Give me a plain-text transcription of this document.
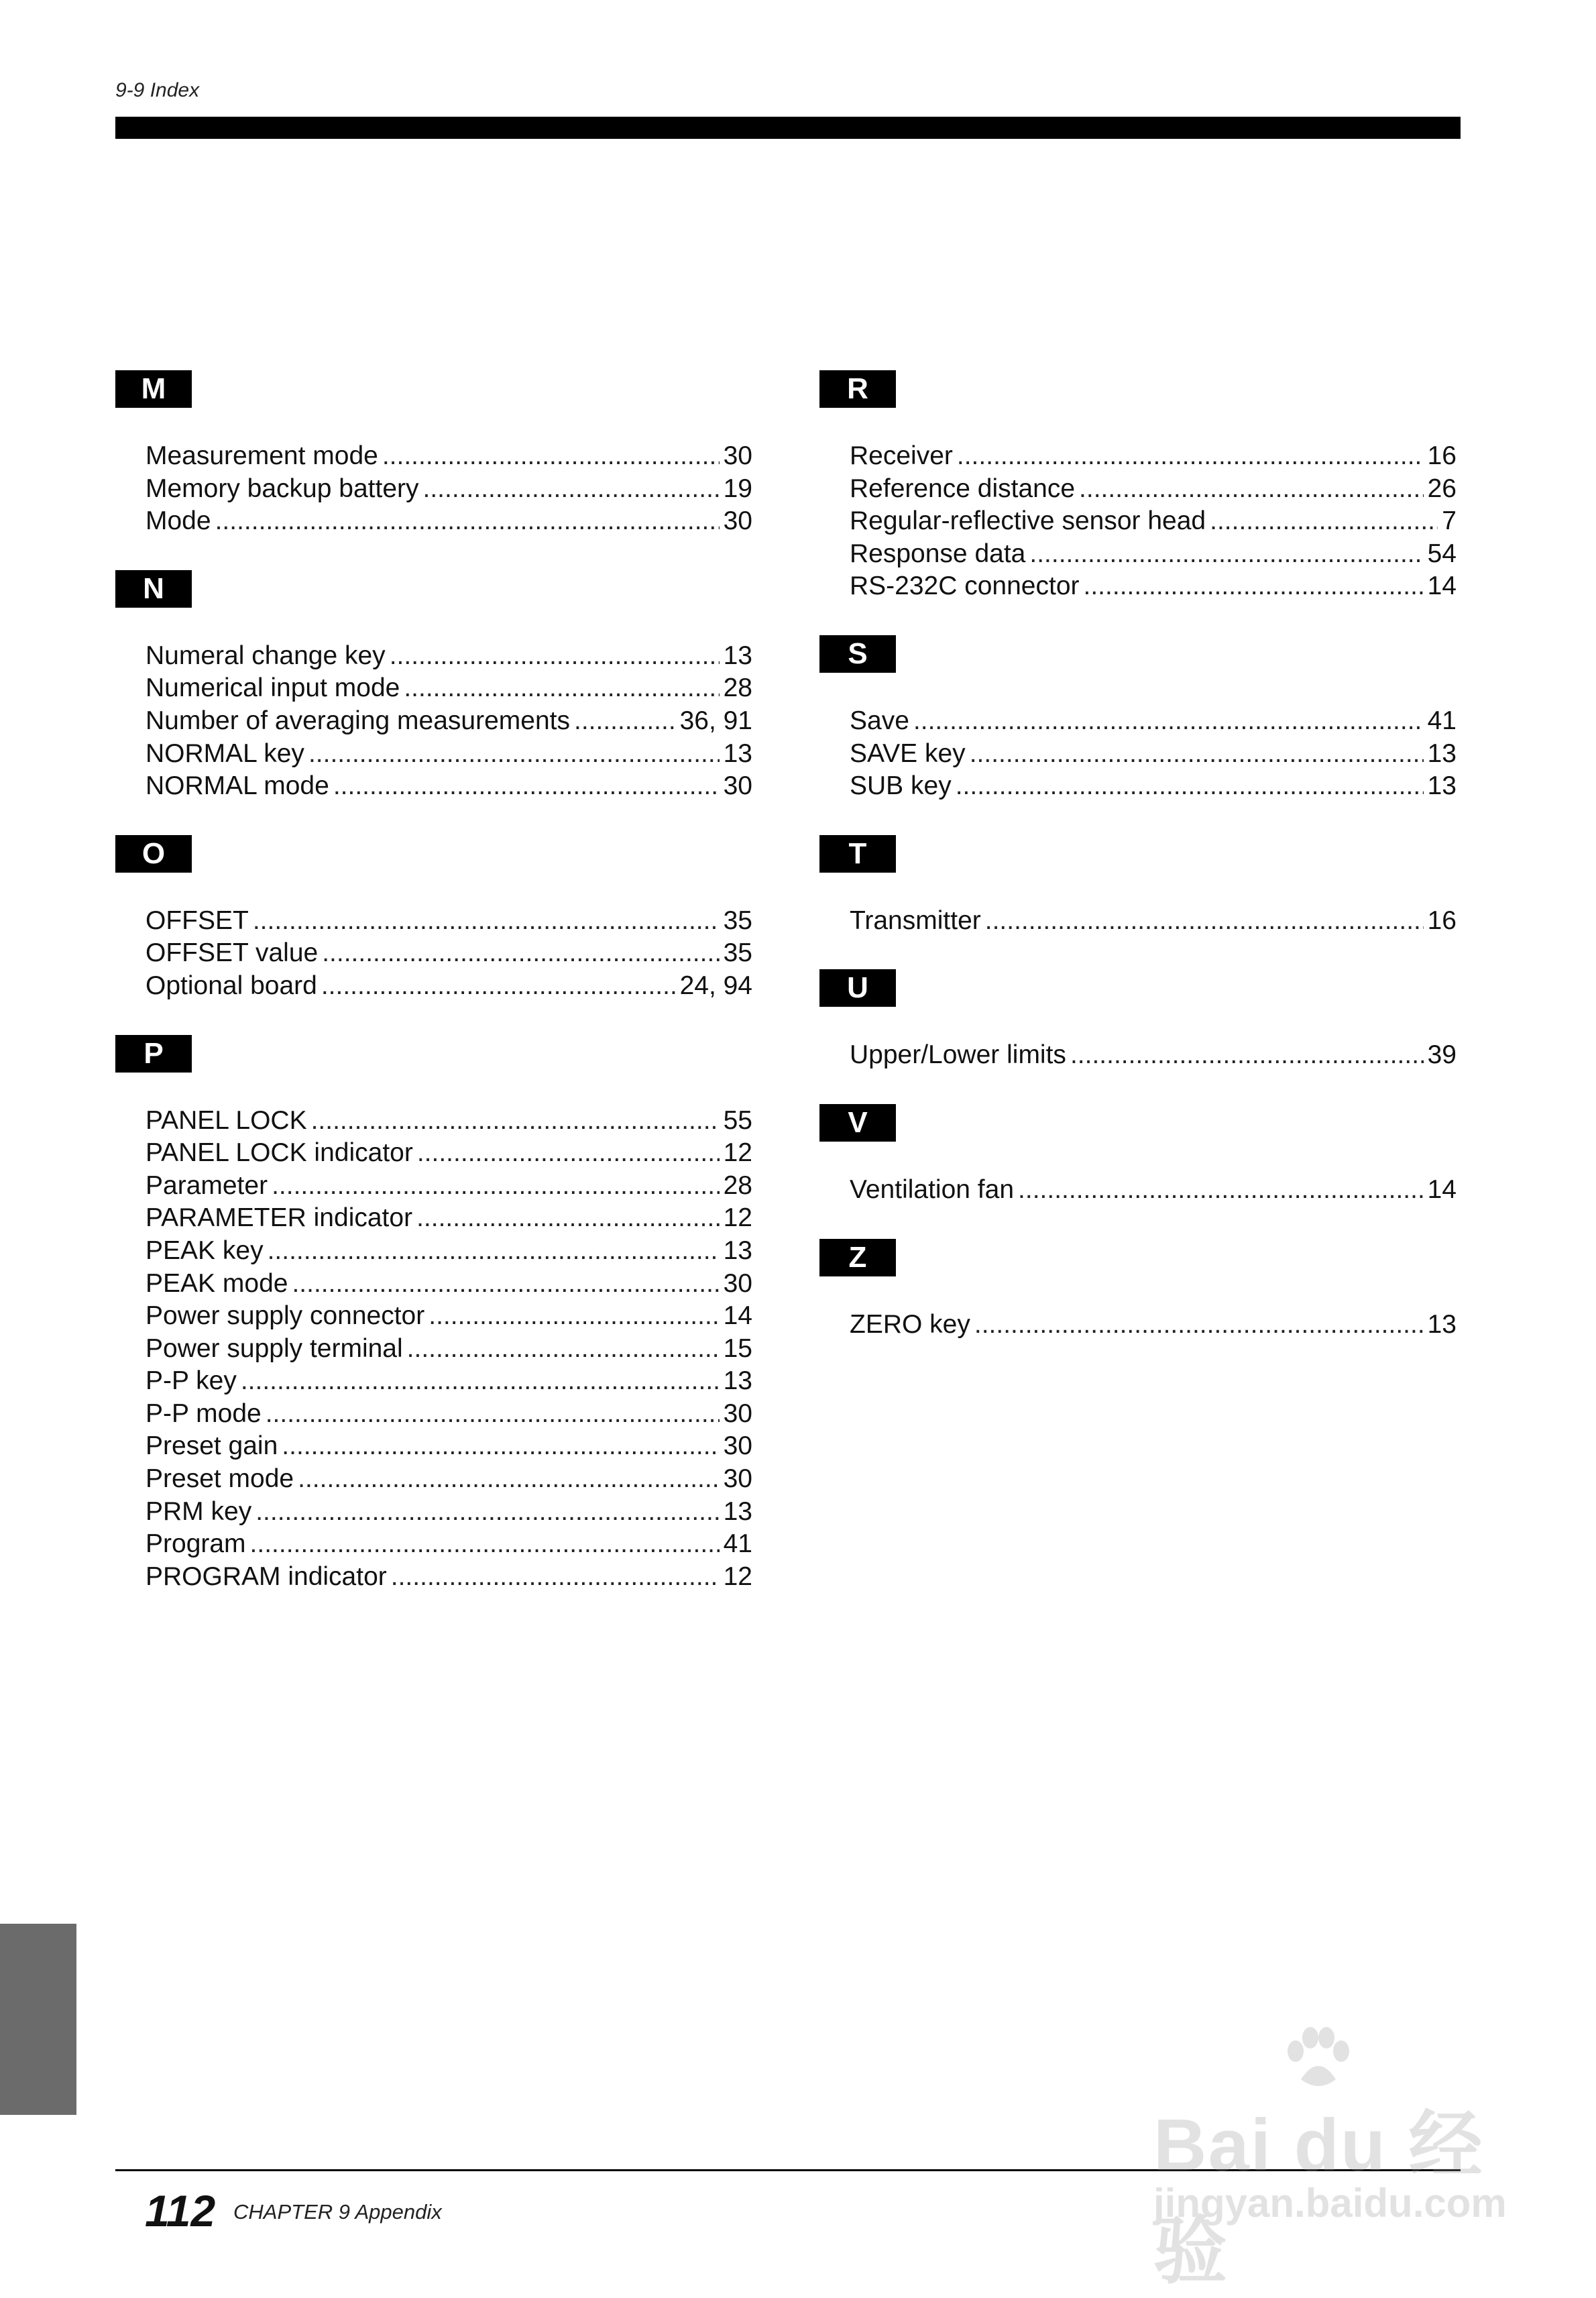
9-9 Index
M
Measurement mode .....	30
Memory backup battery .....	19
Mode .....	30
N
Numeral change key .....	13
Numerical input mode .....	28
Number of averaging measurements .....	36, 91
NORMAL key .....	13
NORMAL mode .....	30
O
OFFSET .....	35
OFFSET value .....	35
Optional board .....	24, 94
P
PANEL LOCK .....	55
PANEL LOCK indicator .....	12
Parameter .....	28
PARAMETER indicator .....	12
PEAK key .....	13
PEAK mode .....	30
Power supply connector .....	14
Power supply terminal .....	15
P-P key .....	13
P-P mode .....	30
Preset gain .....	30
Preset mode .....	30
PRM key .....	13
Program .....	41
PROGRAM indicator .....	12
R
Receiver .....	16
Reference distance .....	26
Regular-reflective sensor head .....	7
Response data .....	54
RS-232C connector .....	14
S
Save .....	41
SAVE key .....	13
SUB key .....	13
T
Transmitter .....	16
U
Upper/Lower limits .....	39
V
Ventilation fan .....	14
Z
ZERO key .....	13
112 CHAPTER 9 Appendix
Bai du 经验
jingyan.baidu.com
